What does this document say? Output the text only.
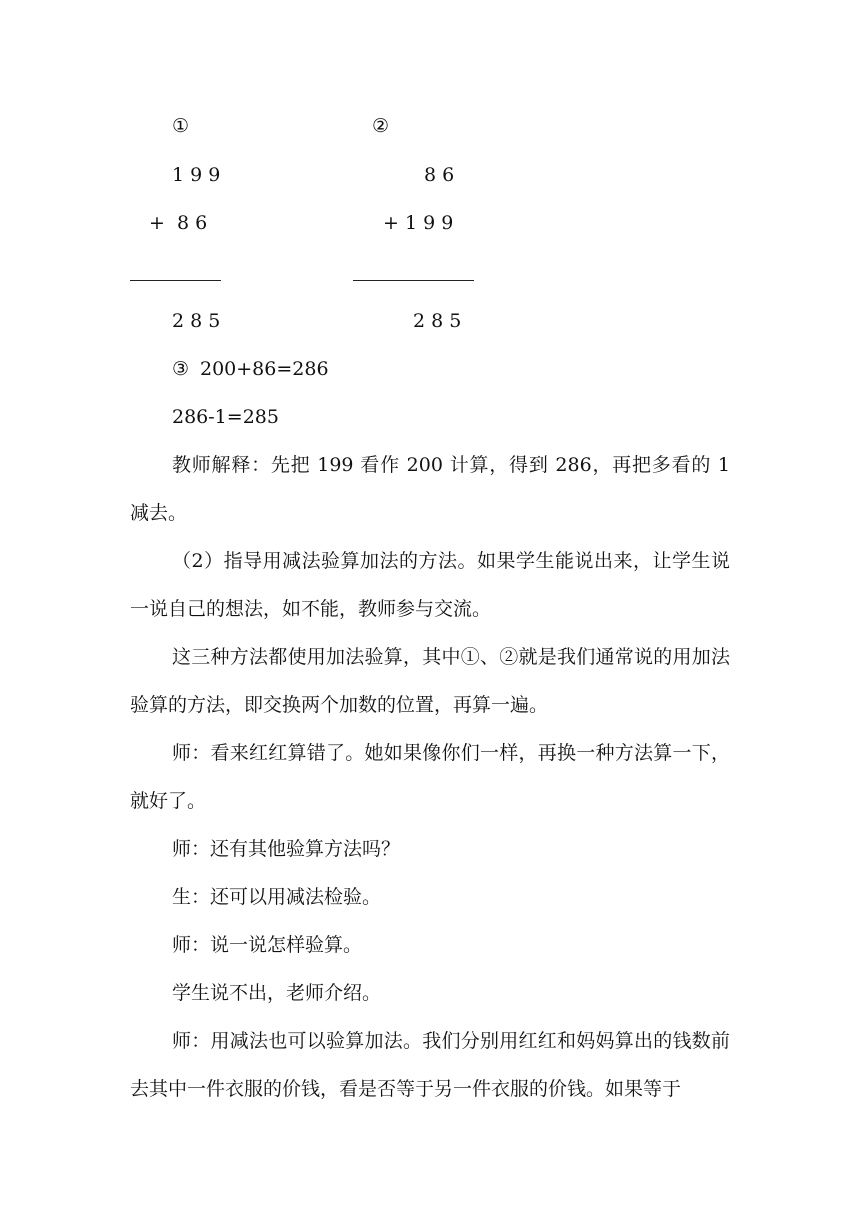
①
1 9 9
+  8 6
2 8 5
②
8 6
+ 1 9 9
2 8 5
③ 200+86=286
286-1=285
教师解释：先把 199 看作 200 计算，得到 286，再把多看的 1 减去。
（2）指导用减法验算加法的方法。如果学生能说出来，让学生说一说自己的想法，如不能，教师参与交流。
这三种方法都使用加法验算，其中①、②就是我们通常说的用加法验算的方法，即交换两个加数的位置，再算一遍。
师：看来红红算错了。她如果像你们一样，再换一种方法算一下，就好了。
师：还有其他验算方法吗？
生：还可以用减法检验。
师：说一说怎样验算。
学生说不出，老师介绍。
师：用减法也可以验算加法。我们分别用红红和妈妈算出的钱数前去其中一件衣服的价钱，看是否等于另一件衣服的价钱。如果等于
